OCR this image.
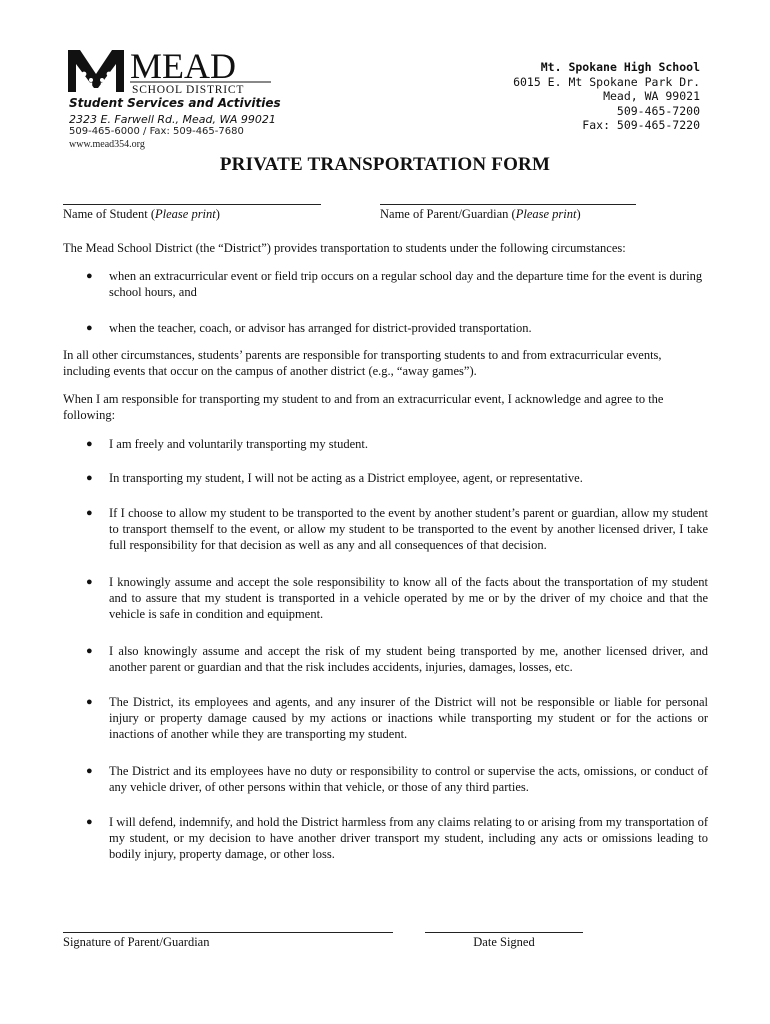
MEAD
SCHOOL DISTRICT
Student Services and Activities
2323 E. Farwell Rd., Mead, WA 99021
509-465-6000 / Fax: 509-465-7680
www.mead354.org
Mt. Spokane High School
6015 E. Mt Spokane Park Dr.
Mead, WA 99021
509-465-7200
Fax: 509-465-7220
PRIVATE TRANSPORTATION FORM
Name of Student (Please print)	Name of Parent/Guardian (Please print)
The Mead School District (the “District”) provides transportation to students under the following circumstances:
● when an extracurricular event or field trip occurs on a regular school day and the departure time for the event is during school hours, and
● when the teacher, coach, or advisor has arranged for district-provided transportation.
In all other circumstances, students’ parents are responsible for transporting students to and from extracurricular events, including events that occur on the campus of another district (e.g., “away games”).
When I am responsible for transporting my student to and from an extracurricular event, I acknowledge and agree to the following:
● I am freely and voluntarily transporting my student.
● In transporting my student, I will not be acting as a District employee, agent, or representative.
● If I choose to allow my student to be transported to the event by another student’s parent or guardian, allow my student to transport themself to the event, or allow my student to be transported to the event by another licensed driver, I take full responsibility for that decision as well as any and all consequences of that decision.
● I knowingly assume and accept the sole responsibility to know all of the facts about the transportation of my student and to assure that my student is transported in a vehicle operated by me or by the driver of my choice and that the vehicle is safe in condition and equipment.
● I also knowingly assume and accept the risk of my student being transported by me, another licensed driver, and another parent or guardian and that the risk includes accidents, injuries, damages, losses, etc.
● The District, its employees and agents, and any insurer of the District will not be responsible or liable for personal injury or property damage caused by my actions or inactions while transporting my student or for the actions or inactions of another while they are transporting my student.
● The District and its employees have no duty or responsibility to control or supervise the acts, omissions, or conduct of any vehicle driver, of other persons within that vehicle, or those of any third parties.
● I will defend, indemnify, and hold the District harmless from any claims relating to or arising from my transportation of my student, or my decision to have another driver transport my student, including any acts or omissions leading to bodily injury, property damage, or other loss.
Signature of Parent/Guardian	Date Signed
